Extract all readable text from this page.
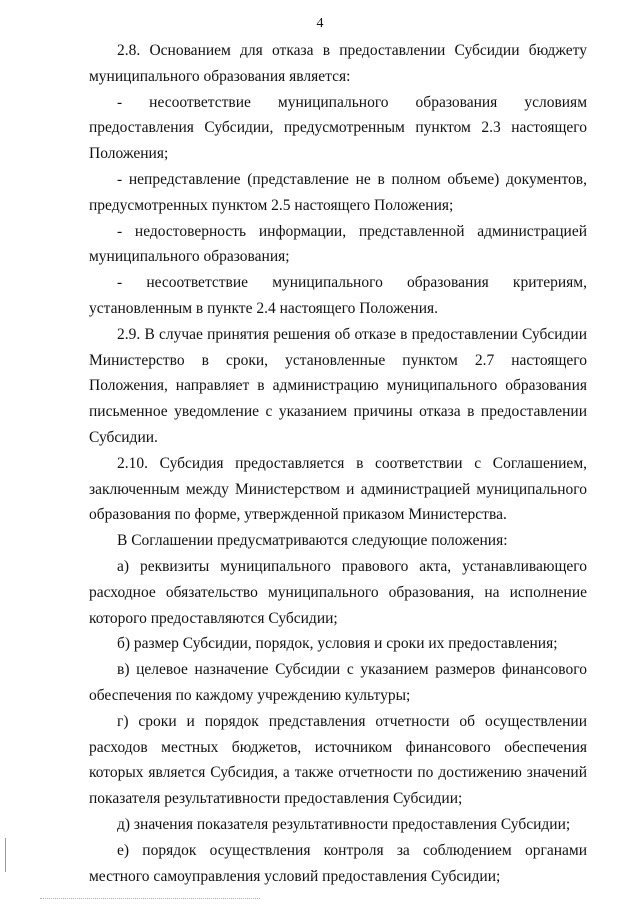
4

2.8. Основанием для отказа в предоставлении Субсидии бюджету муниципального образования является:

- несоответствие муниципального образования условиям предоставления Субсидии, предусмотренным пунктом 2.3 настоящего Положения;

- непредставление (представление не в полном объеме) документов, предусмотренных пунктом 2.5 настоящего Положения;

- недостоверность информации, представленной администрацией муниципального образования;

- несоответствие муниципального образования критериям, установленным в пункте 2.4 настоящего Положения.

2.9. В случае принятия решения об отказе в предоставлении Субсидии Министерство в сроки, установленные пунктом 2.7 настоящего Положения, направляет в администрацию муниципального образования письменное уведомление с указанием причины отказа в предоставлении Субсидии.

2.10. Субсидия предоставляется в соответствии с Соглашением, заключенным между Министерством и администрацией муниципального образования по форме, утвержденной приказом Министерства.

В Соглашении предусматриваются следующие положения:

а) реквизиты муниципального правового акта, устанавливающего расходное обязательство муниципального образования, на исполнение которого предоставляются Субсидии;

б) размер Субсидии, порядок, условия и сроки их предоставления;

в) целевое назначение Субсидии с указанием размеров финансового обеспечения по каждому учреждению культуры;

г) сроки и порядок представления отчетности об осуществлении расходов местных бюджетов, источником финансового обеспечения которых является Субсидия, а также отчетности по достижению значений показателя результативности предоставления Субсидии;

д) значения показателя результативности предоставления Субсидии;

е) порядок осуществления контроля за соблюдением органами местного самоуправления условий предоставления Субсидии;
